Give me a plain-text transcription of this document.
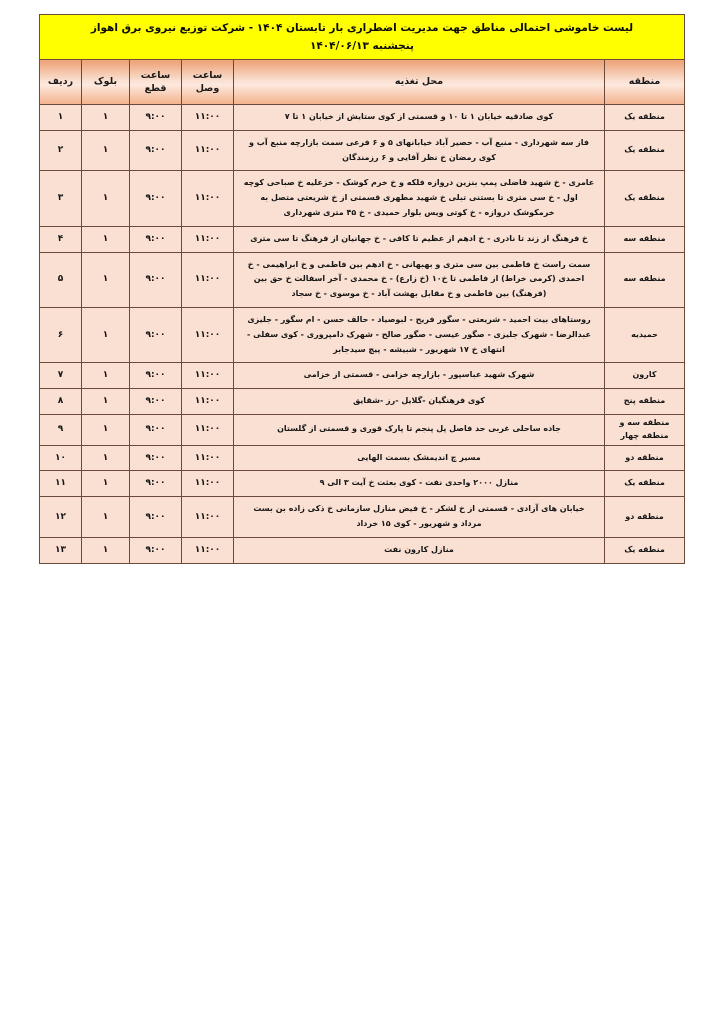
لیست خاموشی احتمالی مناطق جهت مدیریت اضطراری بار تابستان ۱۴۰۴ - شرکت توزیع نیروی برق اهواز
پنجشنبه ۱۴۰۴/۰۶/۱۳					

منطقه	محل تغذیه	ساعت وصل	ساعت قطع	بلوک	ردیف
منطقه یک	کوی صادقیه خیابان ۱ تا ۱۰ و قسمتی از کوی ستایش از خیابان ۱ تا ۷	۱۱:۰۰	۹:۰۰	۱	۱
منطقه یک	فاز سه شهرداری - منبع آب - حصیر آباد خیابانهای ۵ و ۶ فرعی سمت بازارچه منبع آب و کوی رمضان خ نظر آقایی و ۶ رزمندگان	۱۱:۰۰	۹:۰۰	۱	۲
منطقه یک	عامری - خ شهید فاضلی پمپ بنزین دروازه فلکه و خ خرم کوشک - خزعلیه خ صباحی کوچه اول - خ سی متری تا بستنی تبلی خ شهید مطهری قسمتی از خ شریعتی متصل به خرمکوشک دروازه - خ کوتی ویس بلوار حمیدی - خ ۴۵ متری شهرداری	۱۱:۰۰	۹:۰۰	۱	۳
منطقه سه	خ فرهنگ از زند تا نادری - خ ادهم از عظیم تا کافی - خ جهانیان از فرهنگ تا سی متری	۱۱:۰۰	۹:۰۰	۱	۴
منطقه سه	سمت راست خ فاطمی بین سی متری و بهبهانی - خ ادهم بین فاطمی و خ ابراهیمی - خ احمدی (کرمی خراط) از فاطمی تا خ۱۰ (خ زارع) - خ محمدی - آخر اسفالت خ حق بین (فرهنگ) بین فاطمی و خ مقابل بهشت آباد - خ موسوی - خ سجاد	۱۱:۰۰	۹:۰۰	۱	۵
حمیدیه	روستاهای بیت احمید - شریعتی - سگور فریح - لبوصیاد - حالف حسن - ام سگور - جلیزی عبدالرضا - شهرک جلیزی - صگور عیسی - صگور صالح - شهرک دامپروری - کوی سفلی - انتهای خ ۱۷ شهریور - شبیشه - پیچ سیدجابر	۱۱:۰۰	۹:۰۰	۱	۶
کارون	شهرک شهید عباسپور - بازارچه خزامی - قسمتی از خزامی	۱۱:۰۰	۹:۰۰	۱	۷
منطقه پنج	کوی فرهنگیان -گلایل -رز -شقایق	۱۱:۰۰	۹:۰۰	۱	۸
منطقه سه و منطقه چهار	جاده ساحلی غربی حد فاصل پل پنجم تا پارک قوری و قسمتی از گلستان	۱۱:۰۰	۹:۰۰	۱	۹
منطقه دو	مسیر چ اندیمشک بسمت الهایی	۱۱:۰۰	۹:۰۰	۱	۱۰
منطقه یک	منازل ۲۰۰۰ واحدی نفت - کوی بعثت خ آیت ۳ الی ۹	۱۱:۰۰	۹:۰۰	۱	۱۱
منطقه دو	خیابان های آزادی - قسمتی از خ لشکر - خ فیض منازل سازمانی خ ذکی زاده بن بست مرداد و شهریور - کوی ۱۵ خرداد	۱۱:۰۰	۹:۰۰	۱	۱۲
منطقه یک	منازل کارون نفت	۱۱:۰۰	۹:۰۰	۱	۱۳
